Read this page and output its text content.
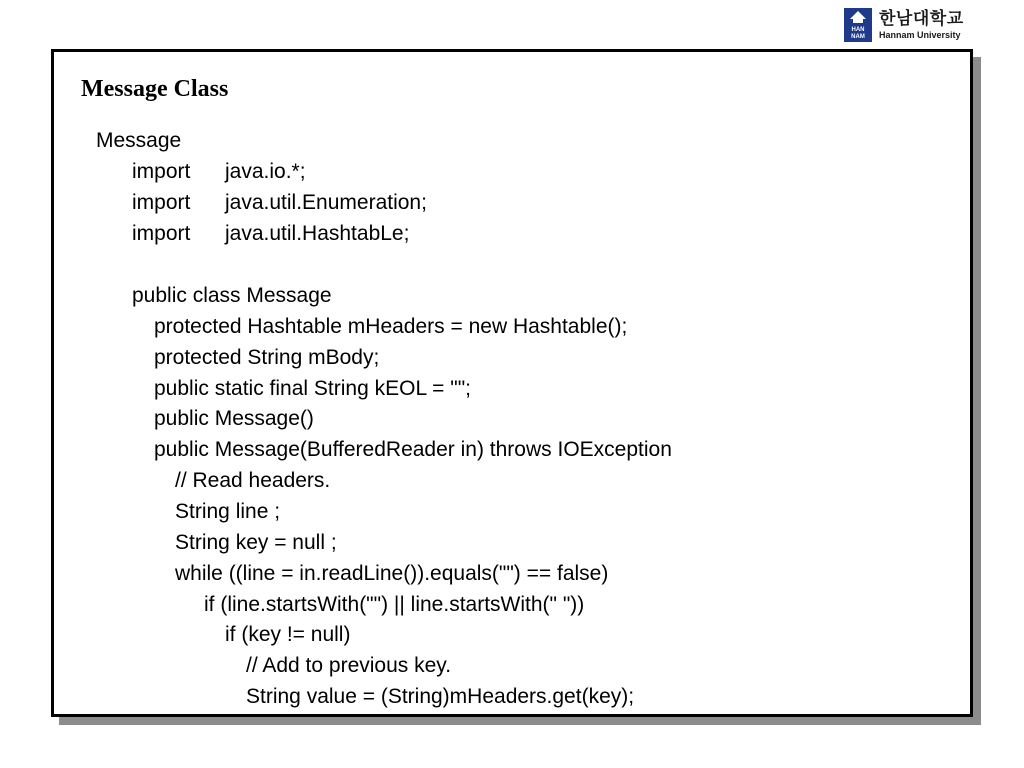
HAN
NAM
한남대학교
Hannam University
Message Class
Message
import java.io.*;
import java.util.Enumeration;
import java.util.HashtabLe;
public class Message
protected Hashtable mHeaders = new Hashtable();
protected String mBody;
public static final String kEOL = "";
public Message()
public Message(BufferedReader in) throws IOException
// Read headers.
String line ;
String key = null ;
while ((line = in.readLine()).equals("") == false)
if (line.startsWith("") || line.startsWith(" "))
if (key != null)
// Add to previous key.
String value = (String)mHeaders.get(key);
